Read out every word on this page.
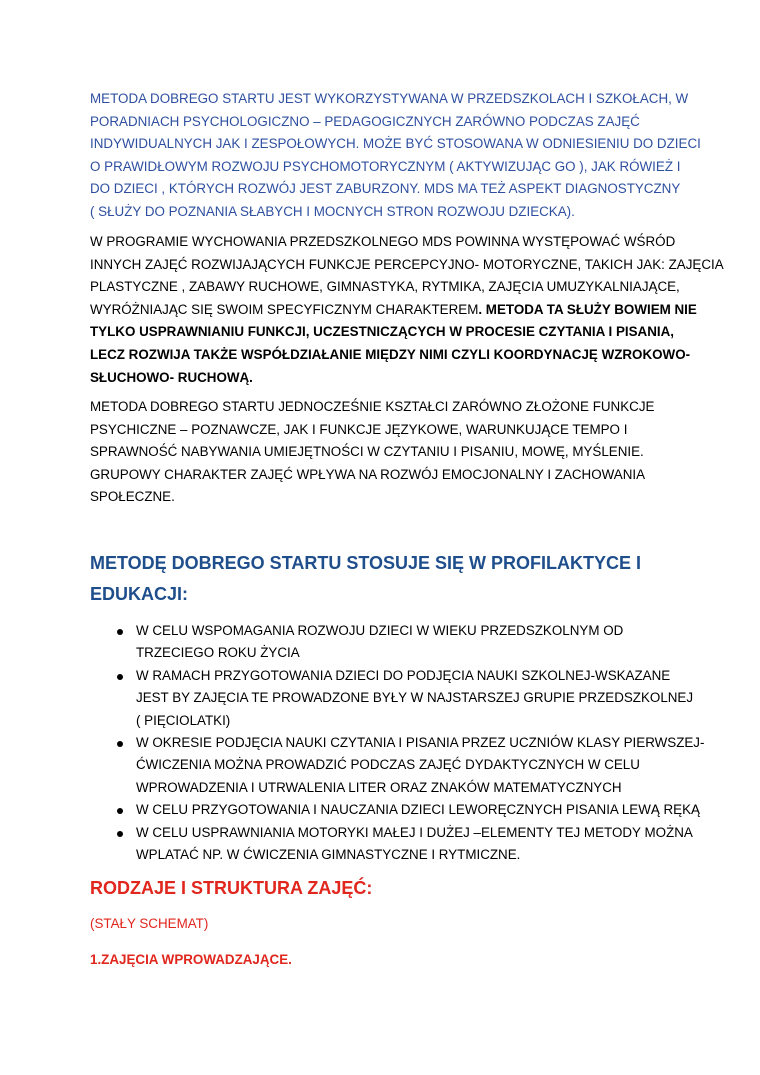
METODA DOBREGO STARTU JEST WYKORZYSTYWANA W PRZEDSZKOLACH I SZKOŁACH, W
PORADNIACH PSYCHOLOGICZNO – PEDAGOGICZNYCH ZARÓWNO PODCZAS ZAJĘĆ
INDYWIDUALNYCH JAK I ZESPOŁOWYCH. MOŻE BYĆ STOSOWANA W ODNIESIENIU DO DZIECI
O PRAWIDŁOWYM ROZWOJU PSYCHOMOTORYCZNYM ( AKTYWIZUJĄC GO ), JAK RÓWIEŻ I
DO DZIECI , KTÓRYCH ROZWÓJ JEST ZABURZONY. MDS MA TEŻ ASPEKT DIAGNOSTYCZNY
( SŁUŻY DO POZNANIA SŁABYCH I MOCNYCH STRON ROZWOJU DZIECKA).
W PROGRAMIE WYCHOWANIA PRZEDSZKOLNEGO MDS POWINNA WYSTĘPOWAĆ WŚRÓD
INNYCH ZAJĘĆ ROZWIJAJĄCYCH FUNKCJE PERCEPCYJNO- MOTORYCZNE, TAKICH JAK: ZAJĘCIA
PLASTYCZNE , ZABAWY RUCHOWE, GIMNASTYKA, RYTMIKA, ZAJĘCIA UMUZYKALNIAJĄCE,
WYRÓŻNIAJĄC SIĘ SWOIM SPECYFICZNYM CHARAKTEREM. METODA TA SŁUŻY BOWIEM NIE
TYLKO USPRAWNIANIU FUNKCJI, UCZESTNICZĄCYCH W PROCESIE CZYTANIA I PISANIA,
LECZ ROZWIJA TAKŻE WSPÓŁDZIAŁANIE MIĘDZY NIMI CZYLI KOORDYNACJĘ WZROKOWO-
SŁUCHOWO- RUCHOWĄ.
METODA DOBREGO STARTU JEDNOCZEŚNIE KSZTAŁCI ZARÓWNO ZŁOŻONE FUNKCJE
PSYCHICZNE – POZNAWCZE, JAK I FUNKCJE JĘZYKOWE, WARUNKUJĄCE TEMPO I
SPRAWNOŚĆ NABYWANIA UMIEJĘTNOŚCI W CZYTANIU I PISANIU, MOWĘ, MYŚLENIE.
GRUPOWY CHARAKTER ZAJĘĆ WPŁYWA NA ROZWÓJ EMOCJONALNY I ZACHOWANIA
SPOŁECZNE.
METODĘ DOBREGO STARTU STOSUJE SIĘ W PROFILAKTYCE I
EDUKACJI:
W CELU WSPOMAGANIA ROZWOJU DZIECI W WIEKU PRZEDSZKOLNYM OD
TRZECIEGO ROKU ŻYCIA
W RAMACH PRZYGOTOWANIA DZIECI DO PODJĘCIA NAUKI SZKOLNEJ-WSKAZANE
JEST BY ZAJĘCIA TE PROWADZONE BYŁY W NAJSTARSZEJ GRUPIE PRZEDSZKOLNEJ
( PIĘCIOLATKI)
W OKRESIE PODJĘCIA NAUKI CZYTANIA I PISANIA PRZEZ UCZNIÓW KLASY PIERWSZEJ-
ĆWICZENIA MOŻNA PROWADZIĆ PODCZAS ZAJĘĆ DYDAKTYCZNYCH W CELU
WPROWADZENIA I UTRWALENIA LITER ORAZ ZNAKÓW MATEMATYCZNYCH
W CELU PRZYGOTOWANIA I NAUCZANIA DZIECI LEWORĘCZNYCH PISANIA LEWĄ RĘKĄ
W CELU USPRAWNIANIA MOTORYKI MAŁEJ I DUŻEJ –ELEMENTY TEJ METODY MOŻNA
WPLATAĆ NP. W ĆWICZENIA GIMNASTYCZNE I RYTMICZNE.
RODZAJE I STRUKTURA ZAJĘĆ:

(STAŁY SCHEMAT)

1.ZAJĘCIA WPROWADZAJĄCE.
